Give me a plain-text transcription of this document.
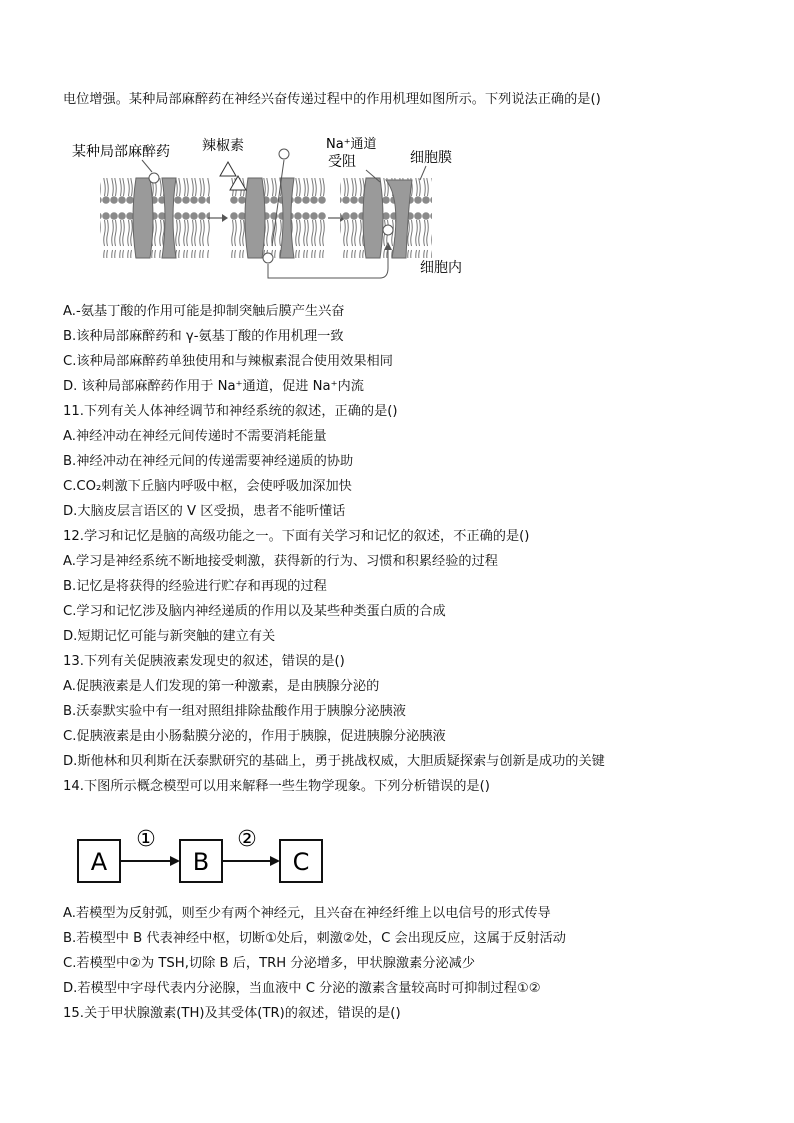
电位增强。某种局部麻醉药在神经兴奋传递过程中的作用机理如图所示。下列说法正确的是()
某种局部麻醉药 辣椒素	Na⁺通道
受阻	细胞膜
细胞内
A.-氨基丁酸的作用可能是抑制突触后膜产生兴奋
B.该种局部麻醉药和 γ-氨基丁酸的作用机理一致
C.该种局部麻醉药单独使用和与辣椒素混合使用效果相同
D. 该种局部麻醉药作用于 Na⁺通道，促进 Na⁺内流
11.下列有关人体神经调节和神经系统的叙述，正确的是()
A.神经冲动在神经元间传递时不需要消耗能量
B.神经冲动在神经元间的传递需要神经递质的协助
C.CO₂刺激下丘脑内呼吸中枢，会使呼吸加深加快
D.大脑皮层言语区的 V 区受损，患者不能听懂话
12.学习和记忆是脑的高级功能之一。下面有关学习和记忆的叙述，不正确的是()
A.学习是神经系统不断地接受刺激，获得新的行为、习惯和积累经验的过程
B.记忆是将获得的经验进行贮存和再现的过程
C.学习和记忆涉及脑内神经递质的作用以及某些种类蛋白质的合成
D.短期记忆可能与新突触的建立有关
13.下列有关促胰液素发现史的叙述，错误的是()
A.促胰液素是人们发现的第一种激素，是由胰腺分泌的
B.沃泰默实验中有一组对照组排除盐酸作用于胰腺分泌胰液
C.促胰液素是由小肠黏膜分泌的，作用于胰腺，促进胰腺分泌胰液
D.斯他林和贝利斯在沃泰默研究的基础上，勇于挑战权威，大胆质疑探索与创新是成功的关键
14.下图所示概念模型可以用来解释一些生物学现象。下列分析错误的是()
A
①
B
②
C
A.若模型为反射弧，则至少有两个神经元，且兴奋在神经纤维上以电信号的形式传导
B.若模型中 B 代表神经中枢，切断①处后，刺激②处，C 会出现反应，这属于反射活动
C.若模型中②为 TSH,切除 B 后，TRH 分泌增多，甲状腺激素分泌减少
D.若模型中字母代表内分泌腺，当血液中 C 分泌的激素含量较高时可抑制过程①②
15.关于甲状腺激素(TH)及其受体(TR)的叙述，错误的是()
